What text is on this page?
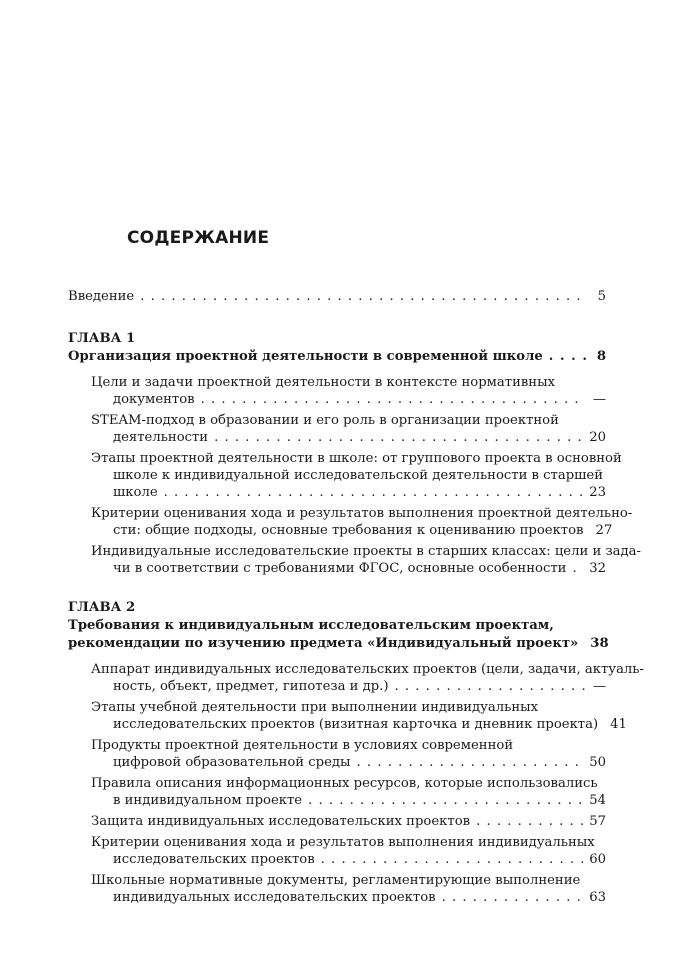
СОДЕРЖАНИЕ
Введение . . .	5
ГЛАВА 1
Организация проектной деятельности в современной школе . . .	8
Цели и задачи проектной деятельности в контексте нормативных
документов . . .	—
STEAM-подход в образовании и его роль в организации проектной
деятельности . . .	20
Этапы проектной деятельности в школе: от группового проекта в основной
школе к индивидуальной исследовательской деятельности в старшей
школе . . .	23
Критерии оценивания хода и результатов выполнения проектной деятельно-
сти: общие подходы, основные требования к оцениванию проектов 27
Индивидуальные исследовательские проекты в старших классах: цели и зада-
чи в соответствии с требованиями ФГОС, основные особенности . . . 32
ГЛАВА 2
Требования к индивидуальным исследовательским проектам,
рекомендации по изучению предмета «Индивидуальный проект» 38
Аппарат индивидуальных исследовательских проектов (цели, задачи, актуаль-
ность, объект, предмет, гипотеза и др.) . . .	—
Этапы учебной деятельности при выполнении индивидуальных
исследовательских проектов (визитная карточка и дневник проекта) 41
Продукты проектной деятельности в условиях современной
цифровой образовательной среды . . .	50
Правила описания информационных ресурсов, которые использовались
в индивидуальном проекте . . .	54
Защита индивидуальных исследовательских проектов . . .	57
Критерии оценивания хода и результатов выполнения индивидуальных
исследовательских проектов . . .	60
Школьные нормативные документы, регламентирующие выполнение
индивидуальных исследовательских проектов . . .	63
